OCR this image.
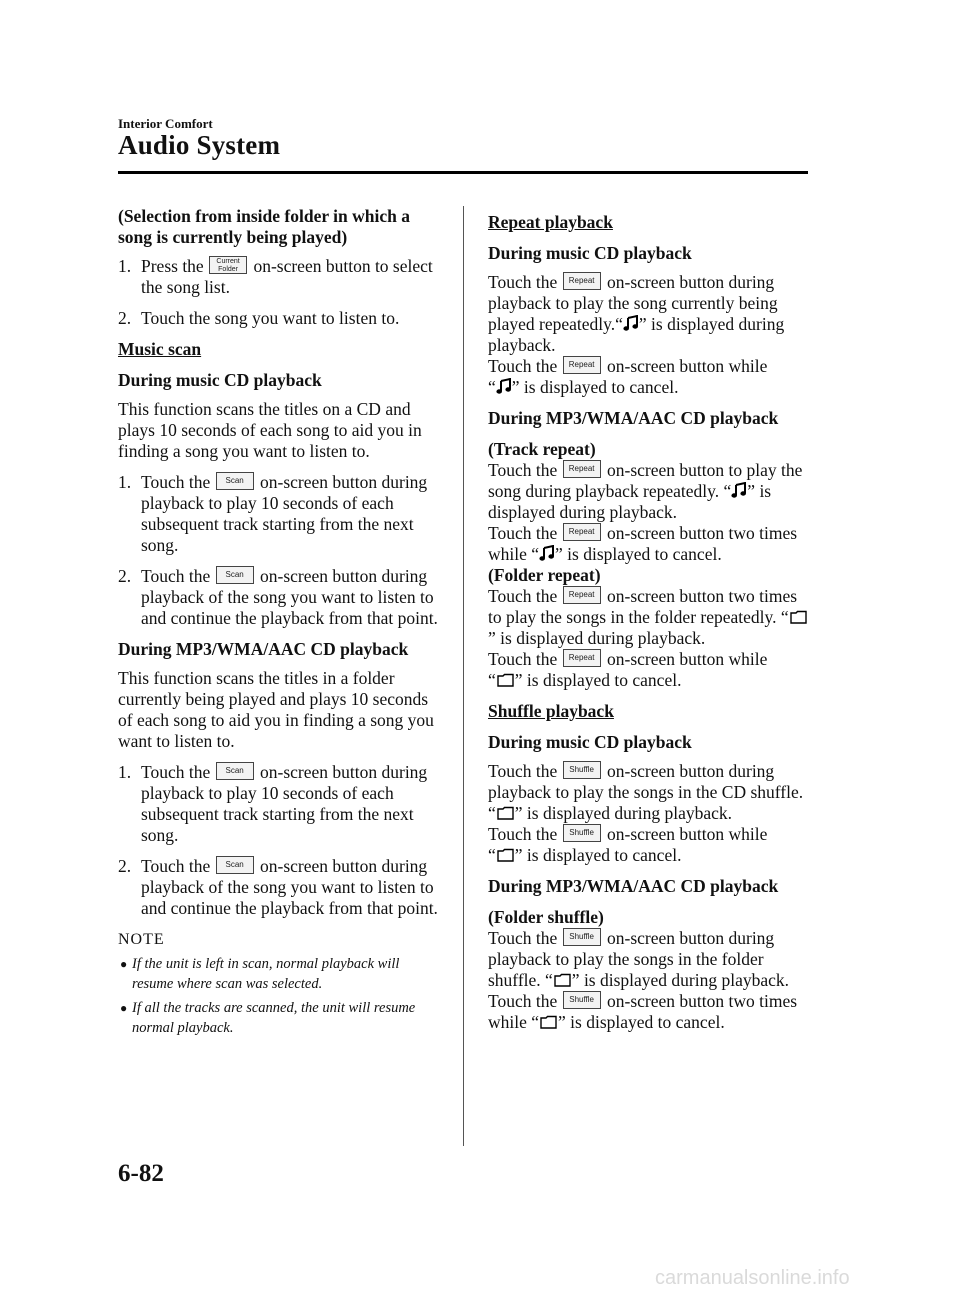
Interior Comfort
Audio System

(Selection from inside folder in which a song is currently being played)

1. Press the Current Folder on-screen button to select the song list.
2. Touch the song you want to listen to.

Music scan

During music CD playback

This function scans the titles on a CD and plays 10 seconds of each song to aid you in finding a song you want to listen to.

1. Touch the Scan on-screen button during playback to play 10 seconds of each subsequent track starting from the next song.
2. Touch the Scan on-screen button during playback of the song you want to listen to and continue the playback from that point.

During MP3/WMA/AAC CD playback

This function scans the titles in a folder currently being played and plays 10 seconds of each song to aid you in finding a song you want to listen to.

1. Touch the Scan on-screen button during playback to play 10 seconds of each subsequent track starting from the next song.
2. Touch the Scan on-screen button during playback of the song you want to listen to and continue the playback from that point.

NOTE

● If the unit is left in scan, normal playback will resume where scan was selected.
● If all the tracks are scanned, the unit will resume normal playback.

Repeat playback

During music CD playback

Touch the Repeat on-screen button during playback to play the song currently being played repeatedly.“ ” is displayed during playback.
Touch the Repeat on-screen button while
“ ” is displayed to cancel.

During MP3/WMA/AAC CD playback

(Track repeat)

Touch the Repeat on-screen button to play the song during playback repeatedly. “ ” is displayed during playback.
Touch the Repeat on-screen button two times while “ ” is displayed to cancel.

(Folder repeat)

Touch the Repeat on-screen button two times to play the songs in the folder repeatedly. “” is displayed during playback.
Touch the Repeat on-screen button while
“ ” is displayed to cancel.

Shuffle playback

During music CD playback

Touch the Shuffle on-screen button during playback to play the songs in the CD shuffle. “ ” is displayed during playback.
Touch the Shuffle on-screen button while
“ ” is displayed to cancel.

During MP3/WMA/AAC CD playback

(Folder shuffle)

Touch the Shuffle on-screen button during playback to play the songs in the folder shuffle. “ ” is displayed during playback.
Touch the Shuffle on-screen button two times while “ ” is displayed to cancel.

6-82
carmanualsonline.info
